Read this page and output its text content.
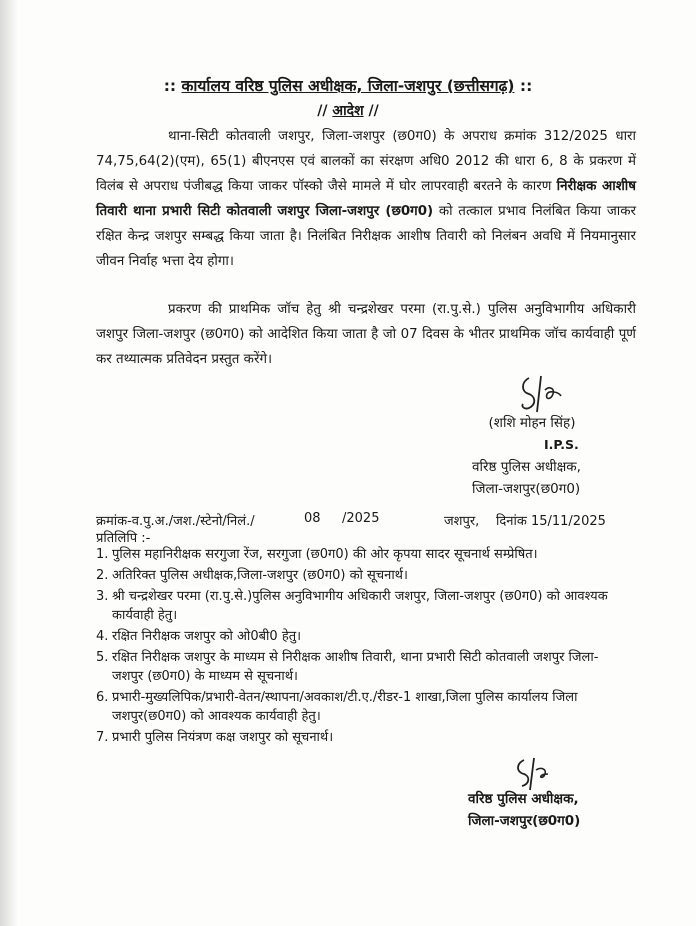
:: कार्यालय वरिष्ठ पुलिस अधीक्षक, जिला-जशपुर (छत्तीसगढ़) ::
// आदेश //
थाना-सिटी कोतवाली जशपुर, जिला-जशपुर (छ0ग0) के अपराध क्रमांक 312/2025 धारा 74,75,64(2)(एम), 65(1) बीएनएस एवं बालकों का संरक्षण अधि0 2012 की धारा 6, 8 के प्रकरण में विलंब से अपराध पंजीबद्ध किया जाकर पॉस्को जैसे मामले में घोर लापरवाही बरतने के कारण निरीक्षक आशीष तिवारी थाना प्रभारी सिटी कोतवाली जशपुर जिला-जशपुर (छ0ग0) को तत्काल प्रभाव निलंबित किया जाकर रक्षित केन्द्र जशपुर सम्बद्ध किया जाता है। निलंबित निरीक्षक आशीष तिवारी को निलंबन अवधि में नियमानुसार जीवन निर्वाह भत्ता देय होगा।
प्रकरण की प्राथमिक जॉच हेतु श्री चन्द्रशेखर परमा (रा.पु.से.) पुलिस अनुविभागीय अधिकारी जशपुर जिला-जशपुर (छ0ग0) को आदेशित किया जाता है जो 07 दिवस के भीतर प्राथमिक जॉच कार्यवाही पूर्ण कर तथ्यात्मक प्रतिवेदन प्रस्तुत करेंगे।
(शशि मोहन सिंह)
I.P.S.
वरिष्ठ पुलिस अधीक्षक,
जिला-जशपुर(छ0ग0)
क्रमांक-व.पु.अ./जश./स्टेनो/निलं./	08 /2025	जशपुर, दिनांक 15/11/2025
प्रतिलिपि :-
1. पुलिस महानिरीक्षक सरगुजा रेंज, सरगुजा (छ0ग0) की ओर कृपया सादर सूचनार्थ सम्प्रेषित।
2. अतिरिक्त पुलिस अधीक्षक,जिला-जशपुर (छ0ग0) को सूचनार्थ।
3. श्री चन्द्रशेखर परमा (रा.पु.से.)पुलिस अनुविभागीय अधिकारी जशपुर, जिला-जशपुर (छ0ग0) को आवश्यक कार्यवाही हेतु।
4. रक्षित निरीक्षक जशपुर को ओ0बी0 हेतु।
5. रक्षित निरीक्षक जशपुर के माध्यम से निरीक्षक आशीष तिवारी, थाना प्रभारी सिटी कोतवाली जशपुर जिला-जशपुर (छ0ग0) के माध्यम से सूचनार्थ।
6. प्रभारी-मुख्यलिपिक/प्रभारी-वेतन/स्थापना/अवकाश/टी.ए./रीडर-1 शाखा,जिला पुलिस कार्यालय जिला जशपुर(छ0ग0) को आवश्यक कार्यवाही हेतु।
7. प्रभारी पुलिस नियंत्रण कक्ष जशपुर को सूचनार्थ।
वरिष्ठ पुलिस अधीक्षक,
जिला-जशपुर(छ0ग0)
